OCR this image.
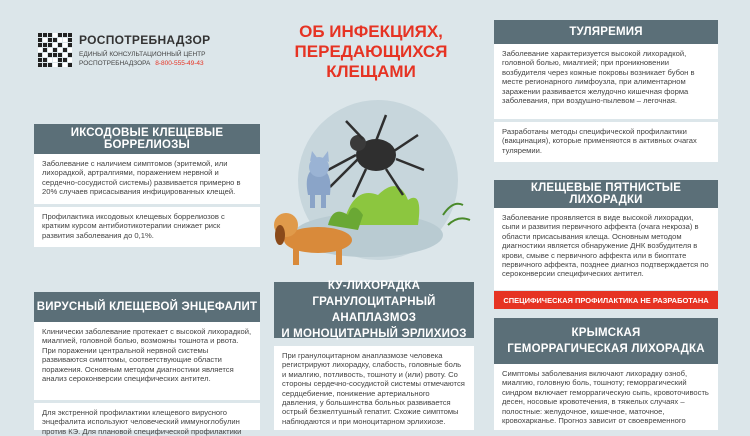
РОСПОТРЕБНАДЗОР
ЕДИНЫЙ КОНСУЛЬТАЦИОННЫЙ ЦЕНТР
РОСПОТРЕБНАДЗОРА 8-800-555-49-43
ОБ ИНФЕКЦИЯХ,
ПЕРЕДАЮЩИХСЯ КЛЕЩАМИ
ИКСОДОВЫЕ КЛЕЩЕВЫЕ БОРРЕЛИОЗЫ
Заболевание с наличием симптомов (эритемой, или лихорадкой, артралгиями, поражением нервной и сердечно-сосудистой системы) развивается примерно в 20% случаев присасывания инфицированных клещей.
Профилактика иксодовых клещевых боррелиозов с кратким курсом антибиотикотерапии снижает риск развития заболевания до 0,1%.
ВИРУСНЫЙ КЛЕЩЕВОЙ ЭНЦЕФАЛИТ
Клинически заболевание протекает с высокой лихорадкой, миалгией, головной болью, возможны тошнота и рвота. При поражении центральной нервной системы развиваются симптомы, соответствующие области поражения. Основным методом диагностики является анализ сероконверсии специфических антител.
Для экстренной профилактики клещевого вирусного энцефалита используют человеческий иммуноглобулин против КЭ. Для плановой специфической профилактики
КУ-ЛИХОРАДКА
ГРАНУЛОЦИТАРНЫЙ АНАПЛАЗМОЗ
И МОНОЦИТАРНЫЙ ЭРЛИХИОЗ
При гранулоцитарном анаплазмозе человека регистрируют лихорадку, слабость, головные боль и миалгию, потливость, тошноту и (или) рвоту. Со стороны сердечно-сосудистой системы отмечаются сердцебиение, понижение артериального давления, у большинства больных развивается острый безжелтушный гепатит. Схожие симптомы наблюдаются и при моноцитарном эрлихиозе.
ТУЛЯРЕМИЯ
Заболевание характеризуется высокой лихорадкой, головной болью, миалгией; при проникновении возбудителя через кожные покровы возникает бубон в месте регионарного лимфоузла, при алиментарном заражении развивается желудочно кишечная форма заболевания, при воздушно-пылевом – легочная.
Разработаны методы специфической профилактики (вакцинация), которые применяются в активных очагах туляремии.
КЛЕЩЕВЫЕ ПЯТНИСТЫЕ ЛИХОРАДКИ
Заболевание проявляется в виде высокой лихорадки, сыпи и развития первичного аффекта (очага некроза) в области присасывания клеща. Основным методом диагностики является обнаружение ДНК возбудителя в крови, смыве с первичного аффекта или в биоптате первичного аффекта, позднее диагноз подтверждается по сероконверсии специфических антител.
СПЕЦИФИЧЕСКАЯ ПРОФИЛАКТИКА НЕ РАЗРАБОТАНА
КРЫМСКАЯ
ГЕМОРРАГИЧЕСКАЯ ЛИХОРАДКА
Симптомы заболевания включают лихорадку озноб, миалгию, головную боль, тошноту; геморрагический синдром включает геморрагическую сыпь, кровоточивость десен, носовые кровотечения, в тяжелых случаях – полостные: желудочное, кишечное, маточное, кровохарканье. Прогноз зависит от своевременного
